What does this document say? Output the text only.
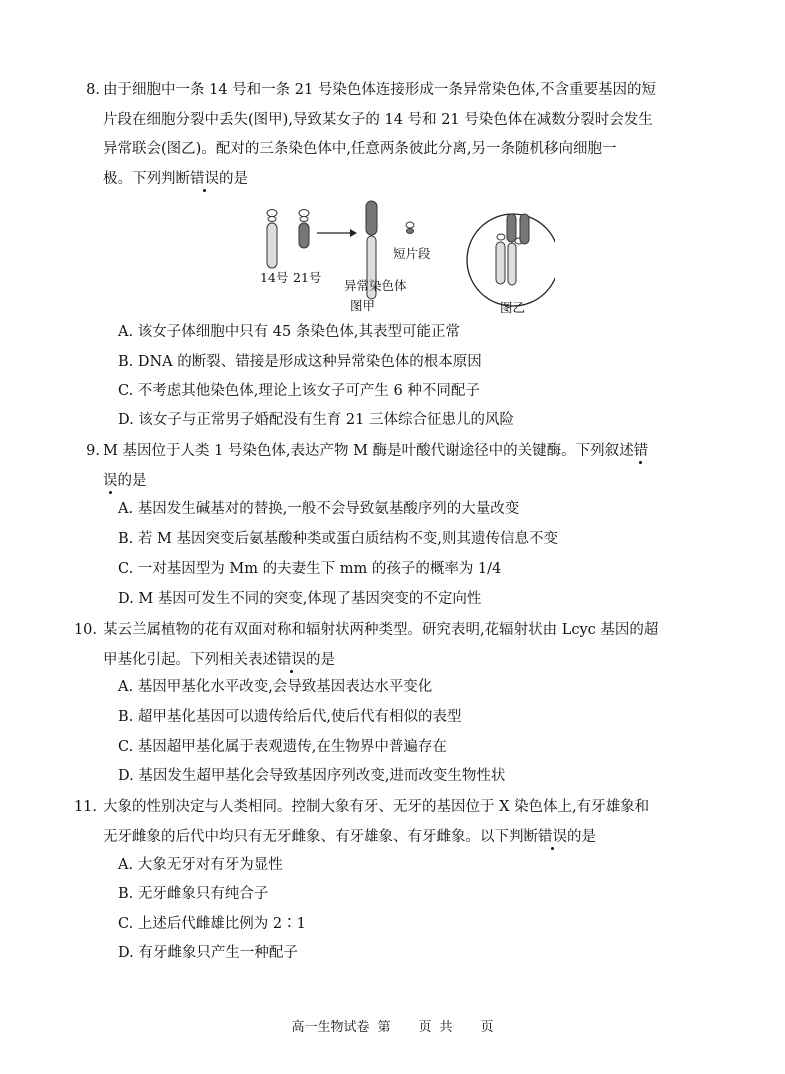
8. 由于细胞中一条 14 号和一条 21 号染色体连接形成一条异常染色体,不含重要基因的短
片段在细胞分裂中丢失(图甲),导致某女子的 14 号和 21 号染色体在减数分裂时会发生
异常联会(图乙)。配对的三条染色体中,任意两条彼此分离,另一条随机移向细胞一
极。下列判断错误的是
14号 21号
异常染色体
短片段
图甲	图乙
A. 该女子体细胞中只有 45 条染色体,其表型可能正常
B. DNA 的断裂、错接是形成这种异常染色体的根本原因
C. 不考虑其他染色体,理论上该女子可产生 6 种不同配子
D. 该女子与正常男子婚配没有生育 21 三体综合征患儿的风险
9. M 基因位于人类 1 号染色体,表达产物 M 酶是叶酸代谢途径中的关键酶。下列叙述错
误的是
A. 基因发生碱基对的替换,一般不会导致氨基酸序列的大量改变
B. 若 M 基因突变后氨基酸种类或蛋白质结构不变,则其遗传信息不变
C. 一对基因型为 Mm 的夫妻生下 mm 的孩子的概率为 1/4
D. M 基因可发生不同的突变,体现了基因突变的不定向性
10. 某云兰属植物的花有双面对称和辐射状两种类型。研究表明,花辐射状由 Lcyc 基因的超
甲基化引起。下列相关表述错误的是
A. 基因甲基化水平改变,会导致基因表达水平变化
B. 超甲基化基因可以遗传给后代,使后代有相似的表型
C. 基因超甲基化属于表观遗传,在生物界中普遍存在
D. 基因发生超甲基化会导致基因序列改变,进而改变生物性状
11. 大象的性别决定与人类相同。控制大象有牙、无牙的基因位于 X 染色体上,有牙雄象和
无牙雌象的后代中均只有无牙雌象、有牙雄象、有牙雌象。以下判断错误的是
A. 大象无牙对有牙为显性
B. 无牙雌象只有纯合子
C. 上述后代雌雄比例为 2∶1
D. 有牙雌象只产生一种配子
高一生物试卷 第 页 共 页
